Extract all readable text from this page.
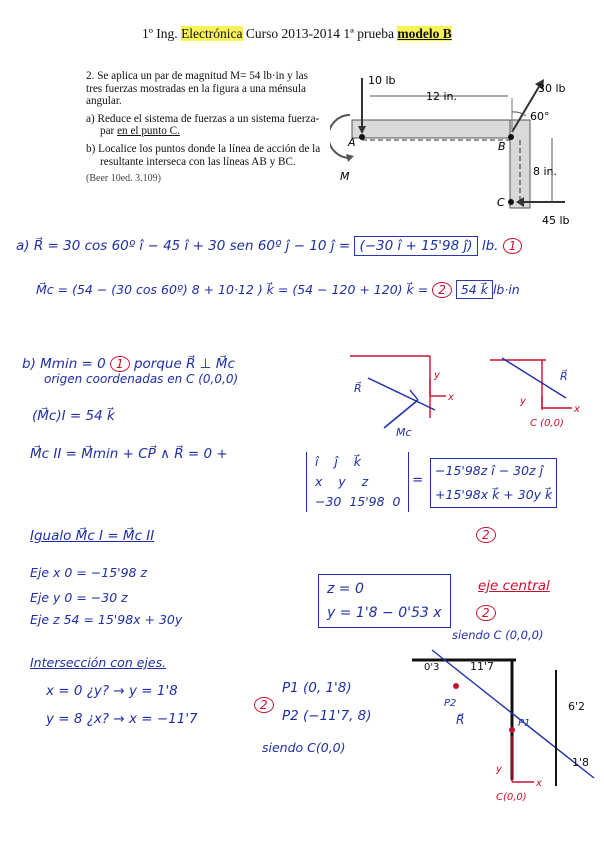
1º Ing. Electrónica Curso 2013-2014 1ª prueba modelo B

2. Se aplica un par de magnitud M= 54 lb·in y las tres fuerzas mostradas en la figura a una ménsula angular.

a) Reduce el sistema de fuerzas a un sistema fuerza-par en el punto C.

b) Localice los puntos donde la línea de acción de la resultante interseca con las líneas AB y BC.

(Beer 10ed. 3.109)

10 lb
30 lb
45 lb
12 in.
8 in.
60°
A	B
C
M
a) R⃗ = 30 cos 60º î − 45 î + 30 sen 60º ĵ − 10 ĵ = (−30 î + 15'98 ĵ) lb. 1
M⃗c = (54 − (30 cos 60º) 8 + 10·12 ) k⃗ = (54 − 120 + 120) k⃗ = 2 54 k⃗ lb·in
b) Mmin = 0 1 porque R⃗ ⊥ M⃗c
origen coordenadas en C (0,0,0)
(M⃗c)I = 54 k⃗
M⃗c II = M⃗min + CP⃗ ∧ R⃗ = 0 +	î    ĵ    k⃗
x    y    z
−30  15'98  0
=
−15'98z î − 30z ĵ
+15'98x k⃗ + 30y k⃗
2
Igualo M⃗c I = M⃗c II
Eje x 0 = −15'98 z
Eje y 0 = −30 z
Eje z 54 = 15'98x + 30y
z = 0
y = 1'8 − 0'53 x
eje central
2
siendo C (0,0,0)
Intersección con ejes.
x = 0 ¿y? → y = 1'8
y = 8 ¿x? → x = −11'7
2
P1 (0, 1'8)
P2 (−11'7, 8)
siendo C(0,0)
x
y
R⃗
Mc
R⃗
x
y
C (0,0)
0'3	11'7
6'2
1'8
P1
P2
R⃗
y
x
C(0,0)
